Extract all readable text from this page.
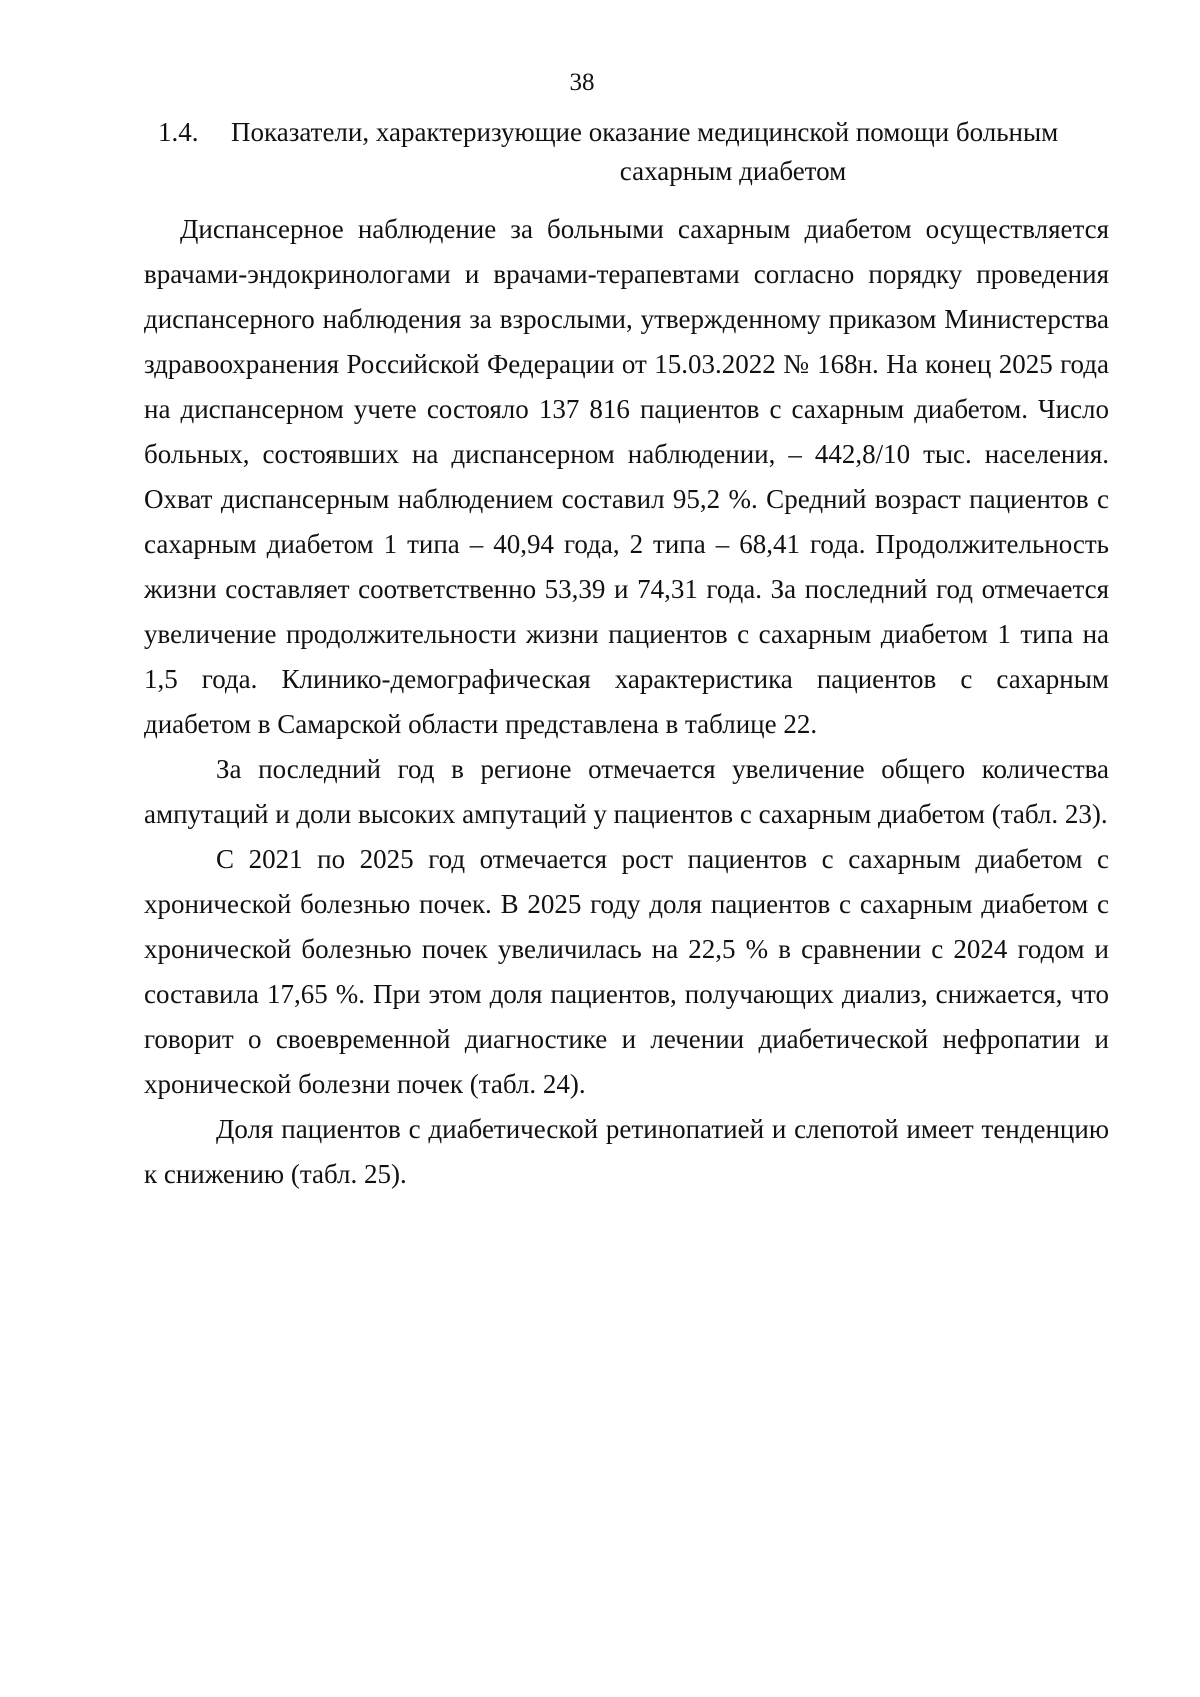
38
1.4.	Показатели, характеризующие оказание медицинской помощи больным
сахарным диабетом

Диспансерное наблюдение за больными сахарным диабетом осуществляется врачами-эндокринологами и врачами-терапевтами согласно порядку проведения диспансерного наблюдения за взрослыми, утвержденному приказом Министерства здравоохранения Российской Федерации от 15.03.2022 № 168н. На конец 2025 года на диспансерном учете состояло 137 816 пациентов с сахарным диабетом. Число больных, состоявших на диспансерном наблюдении, – 442,8/10 тыс. населения. Охват диспансерным наблюдением составил 95,2 %. Средний возраст пациентов с сахарным диабетом 1 типа – 40,94 года, 2 типа – 68,41 года. Продолжительность жизни составляет соответственно 53,39 и 74,31 года. За последний год отмечается увеличение продолжительности жизни пациентов с сахарным диабетом 1 типа на 1,5 года. Клинико-демографическая характеристика пациентов с сахарным диабетом в Самарской области представлена в таблице 22.

За последний год в регионе отмечается увеличение общего количества ампутаций и доли высоких ампутаций у пациентов с сахарным диабетом (табл. 23).

С 2021 по 2025 год отмечается рост пациентов с сахарным диабетом с хронической болезнью почек. В 2025 году доля пациентов с сахарным диабетом с хронической болезнью почек увеличилась на 22,5 % в сравнении с 2024 годом и составила 17,65 %. При этом доля пациентов, получающих диализ, снижается, что говорит о своевременной диагностике и лечении диабетической нефропатии и хронической болезни почек (табл. 24).

Доля пациентов с диабетической ретинопатией и слепотой имеет тенденцию к снижению (табл. 25).
